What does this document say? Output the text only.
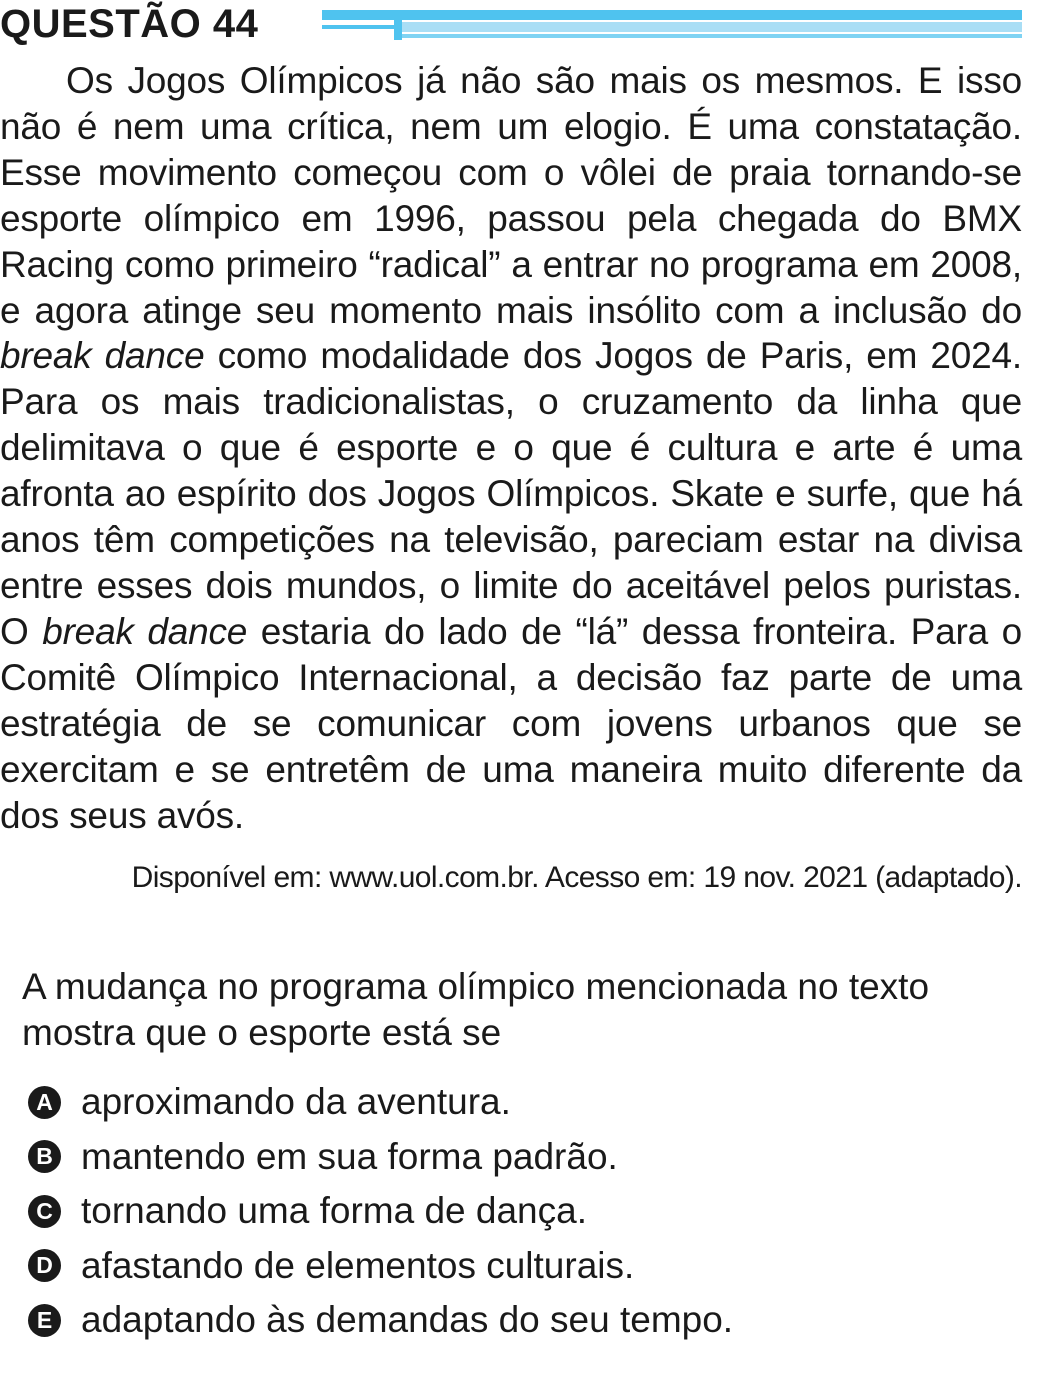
QUESTÃO 44

Os Jogos Olímpicos já não são mais os mesmos. E isso não é nem uma crítica, nem um elogio. É uma constatação. Esse movimento começou com o vôlei de praia tornando-se esporte olímpico em 1996, passou pela chegada do BMX Racing como primeiro “radical” a entrar no programa em 2008, e agora atinge seu momento mais insólito com a inclusão do break dance como modalidade dos Jogos de Paris, em 2024. Para os mais tradicionalistas, o cruzamento da linha que delimitava o que é esporte e o que é cultura e arte é uma afronta ao espírito dos Jogos Olímpicos. Skate e surfe, que há anos têm competições na televisão, pareciam estar na divisa entre esses dois mundos, o limite do aceitável pelos puristas. O break dance estaria do lado de “lá” dessa fronteira. Para o Comitê Olímpico Internacional, a decisão faz parte de uma estratégia de se comunicar com jovens urbanos que se exercitam e se entretêm de uma maneira muito diferente da dos seus avós.

Disponível em: www.uol.com.br. Acesso em: 19 nov. 2021 (adaptado).

A mudança no programa olímpico mencionada no texto
mostra que o esporte está se

A aproximando da aventura.
B mantendo em sua forma padrão.
C tornando uma forma de dança.
D afastando de elementos culturais.
E adaptando às demandas do seu tempo.
